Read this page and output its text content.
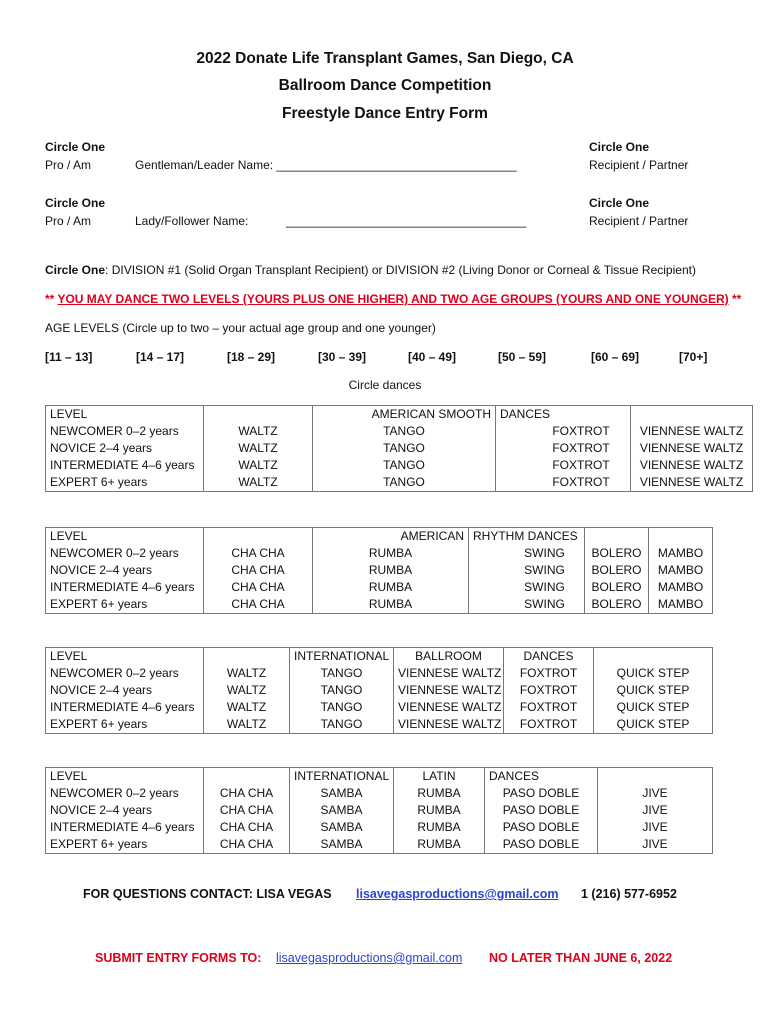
2022 Donate Life Transplant Games, San Diego, CA
Ballroom Dance Competition
Freestyle Dance Entry Form
Circle One
Pro / Am	Gentleman/Leader Name: ____________________________________
Circle One
Recipient / Partner
Circle One
Pro / Am	Lady/Follower Name:	____________________________________
Circle One
Recipient / Partner
Circle One: DIVISION #1 (Solid Organ Transplant Recipient) or DIVISION #2 (Living Donor or Corneal & Tissue Recipient)
** YOU MAY DANCE TWO LEVELS (YOURS PLUS ONE HIGHER) AND TWO AGE GROUPS (YOURS AND ONE YOUNGER) **
AGE LEVELS (Circle up to two – your actual age group and one younger)
[11 – 13]	[14 – 17]	[18 – 29]	[30 – 39]	[40 – 49]	[50 – 59]	[60 – 69]	[70+]
Circle dances
LEVEL		AMERICAN SMOOTH	DANCES	
NEWCOMER 0–2 years	WALTZ	TANGO	FOXTROT	VIENNESE WALTZ
NOVICE 2–4 years	WALTZ	TANGO	FOXTROT	VIENNESE WALTZ
INTERMEDIATE 4–6 years	WALTZ	TANGO	FOXTROT	VIENNESE WALTZ
EXPERT 6+ years	WALTZ	TANGO	FOXTROT	VIENNESE WALTZ
LEVEL		AMERICAN	RHYTHM DANCES		
NEWCOMER 0–2 years	CHA CHA	RUMBA	SWING	BOLERO	MAMBO
NOVICE 2–4 years	CHA CHA	RUMBA	SWING	BOLERO	MAMBO
INTERMEDIATE 4–6 years	CHA CHA	RUMBA	SWING	BOLERO	MAMBO
EXPERT 6+ years	CHA CHA	RUMBA	SWING	BOLERO	MAMBO
LEVEL		INTERNATIONAL	BALLROOM	DANCES	
NEWCOMER 0–2 years	WALTZ	TANGO	VIENNESE WALTZ	FOXTROT	QUICK STEP
NOVICE 2–4 years	WALTZ	TANGO	VIENNESE WALTZ	FOXTROT	QUICK STEP
INTERMEDIATE 4–6 years	WALTZ	TANGO	VIENNESE WALTZ	FOXTROT	QUICK STEP
EXPERT 6+ years	WALTZ	TANGO	VIENNESE WALTZ	FOXTROT	QUICK STEP
LEVEL		INTERNATIONAL	LATIN	DANCES	
NEWCOMER 0–2 years	CHA CHA	SAMBA	RUMBA	PASO DOBLE	JIVE
NOVICE 2–4 years	CHA CHA	SAMBA	RUMBA	PASO DOBLE	JIVE
INTERMEDIATE 4–6 years	CHA CHA	SAMBA	RUMBA	PASO DOBLE	JIVE
EXPERT 6+ years	CHA CHA	SAMBA	RUMBA	PASO DOBLE	JIVE
FOR QUESTIONS CONTACT: LISA VEGAS lisavegasproductions@gmail.com 1 (216) 577-6952
SUBMIT ENTRY FORMS TO: lisavegasproductions@gmail.com NO LATER THAN JUNE 6, 2022
